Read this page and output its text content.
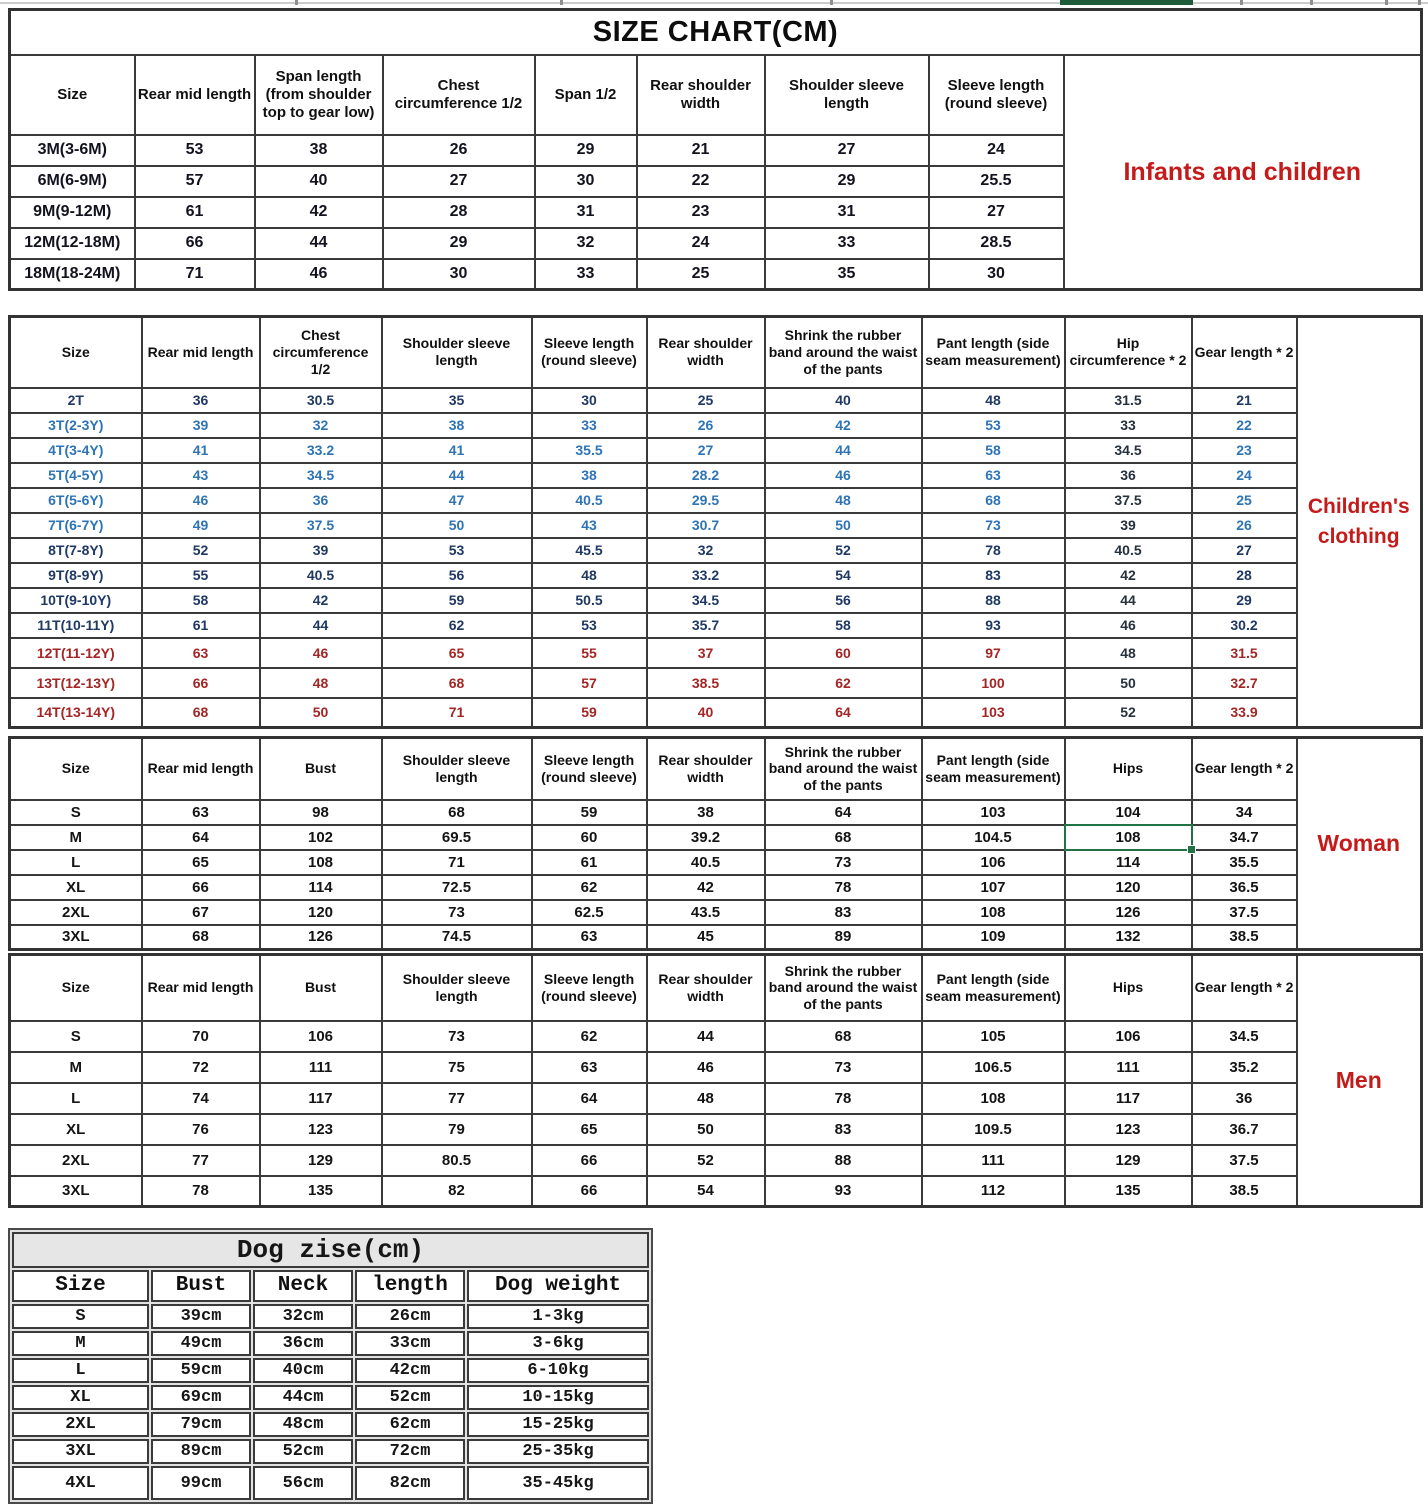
SIZE CHART(CM)								
Size	Rear mid length	Span length (from shoulder top to gear low)	Chest circumference 1/2	Span 1/2	Rear shoulder width	Shoulder sleeve length	Sleeve length (round sleeve)	Infants and children

3M(3-6M)	53	38	26	29	21	27	24	
6M(6-9M)	57	40	27	30	22	29	25.5	
9M(9-12M)	61	42	28	31	23	31	27	
12M(12-18M)	66	44	29	32	24	33	28.5	
18M(18-24M)	71	46	30	33	25	35	30	
Size	Rear mid length	Chest circumference 1/2	Shoulder sleeve length	Sleeve length (round sleeve)	Rear shoulder width	Shrink the rubber band around the waist of the pants	Pant length (side seam measurement)	Hip circumference * 2	Gear length * 2	Children's clothing

2T	36	30.5	35	30	25	40	48	31.5	21	
3T(2-3Y)	39	32	38	33	26	42	53	33	22	
4T(3-4Y)	41	33.2	41	35.5	27	44	58	34.5	23	
5T(4-5Y)	43	34.5	44	38	28.2	46	63	36	24	
6T(5-6Y)	46	36	47	40.5	29.5	48	68	37.5	25	
7T(6-7Y)	49	37.5	50	43	30.7	50	73	39	26	
8T(7-8Y)	52	39	53	45.5	32	52	78	40.5	27	
9T(8-9Y)	55	40.5	56	48	33.2	54	83	42	28	
10T(9-10Y)	58	42	59	50.5	34.5	56	88	44	29	
11T(10-11Y)	61	44	62	53	35.7	58	93	46	30.2	
12T(11-12Y)	63	46	65	55	37	60	97	48	31.5	
13T(12-13Y)	66	48	68	57	38.5	62	100	50	32.7	
14T(13-14Y)	68	50	71	59	40	64	103	52	33.9	
Size	Rear mid length	Bust	Shoulder sleeve length	Sleeve length (round sleeve)	Rear shoulder width	Shrink the rubber band around the waist of the pants	Pant length (side seam measurement)	Hips	Gear length * 2	Woman

S	63	98	68	59	38	64	103	104	34	
M	64	102	69.5	60	39.2	68	104.5	108	34.7	
L	65	108	71	61	40.5	73	106	114	35.5	
XL	66	114	72.5	62	42	78	107	120	36.5	
2XL	67	120	73	62.5	43.5	83	108	126	37.5	
3XL	68	126	74.5	63	45	89	109	132	38.5	
Size	Rear mid length	Bust	Shoulder sleeve length	Sleeve length (round sleeve)	Rear shoulder width	Shrink the rubber band around the waist of the pants	Pant length (side seam measurement)	Hips	Gear length * 2	Men

S	70	106	73	62	44	68	105	106	34.5	
M	72	111	75	63	46	73	106.5	111	35.2	
L	74	117	77	64	48	78	108	117	36	
XL	76	123	79	65	50	83	109.5	123	36.7	
2XL	77	129	80.5	66	52	88	111	129	37.5	
3XL	78	135	82	66	54	93	112	135	38.5	
Dog zise(cm)				
Size	Bust	Neck	length	Dog weight
S	39cm	32cm	26cm	1-3kg
M	49cm	36cm	33cm	3-6kg
L	59cm	40cm	42cm	6-10kg
XL	69cm	44cm	52cm	10-15kg
2XL	79cm	48cm	62cm	15-25kg
3XL	89cm	52cm	72cm	25-35kg
4XL	99cm	56cm	82cm	35-45kg
